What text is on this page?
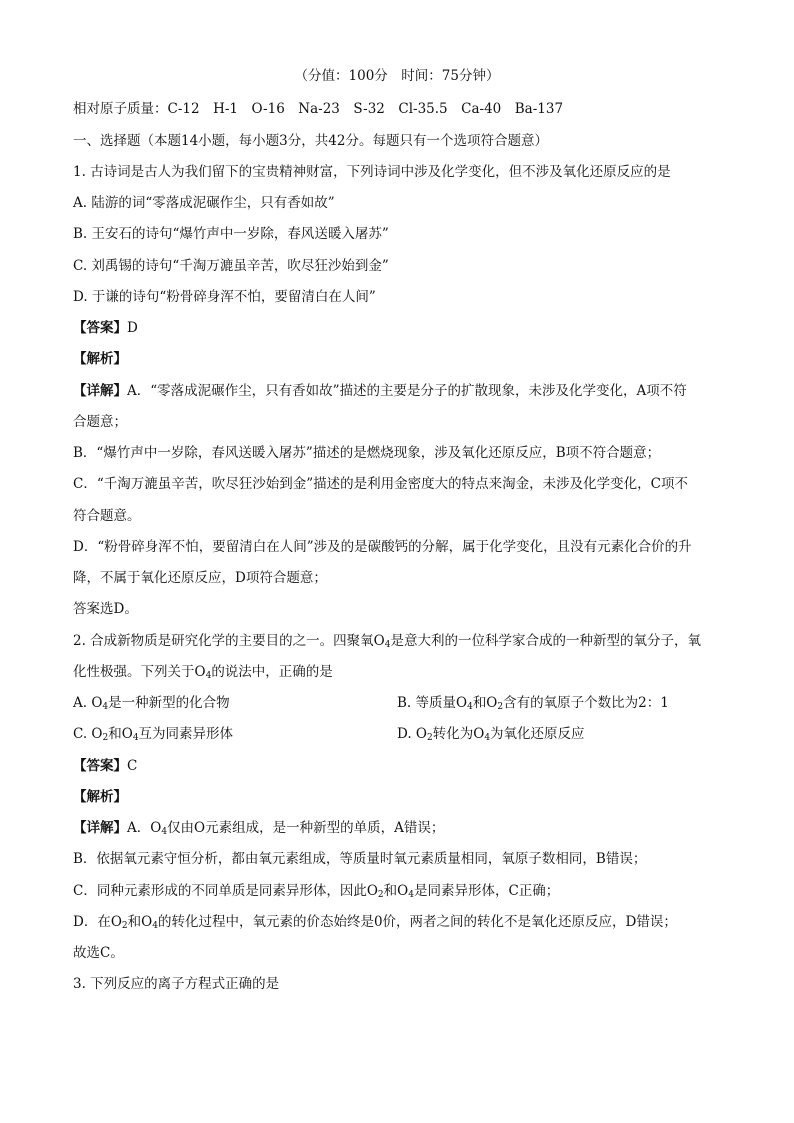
（分值：100分　时间：75分钟）
相对原子质量：C-12　H-1　O-16　Na-23　S-32　Cl-35.5　Ca-40　Ba-137
一、选择题（本题14小题，每小题3分，共42分。每题只有一个选项符合题意）
1. 古诗词是古人为我们留下的宝贵精神财富，下列诗词中涉及化学变化，但不涉及氧化还原反应的是
A. 陆游的词“零落成泥碾作尘，只有香如故”
B. 王安石的诗句“爆竹声中一岁除，春风送暖入屠苏”
C. 刘禹锡的诗句“千淘万漉虽辛苦，吹尽狂沙始到金”
D. 于谦的诗句“粉骨碎身浑不怕，要留清白在人间”
【答案】D
【解析】
【详解】A．“零落成泥碾作尘，只有香如故”描述的主要是分子的扩散现象，未涉及化学变化，A项不符
合题意；
B．“爆竹声中一岁除，春风送暖入屠苏”描述的是燃烧现象，涉及氧化还原反应，B项不符合题意；
C．“千淘万漉虽辛苦，吹尽狂沙始到金”描述的是利用金密度大的特点来淘金，未涉及化学变化，C项不
符合题意。
D．“粉骨碎身浑不怕，要留清白在人间”涉及的是碳酸钙的分解，属于化学变化，且没有元素化合价的升
降，不属于氧化还原反应，D项符合题意；
答案选D。
2. 合成新物质是研究化学的主要目的之一。四聚氧$O_4$是意大利的一位科学家合成的一种新型的氧分子，氧
化性极强。下列关于$O_4$的说法中，正确的是
A. $O_4$是一种新型的化合物	B. 等质量$O_4$和$O_2$含有的氧原子个数比为2：1
C. $O_2$和$O_4$互为同素异形体	D. $O_2$转化为$O_4$为氧化还原反应
【答案】C
【解析】
【详解】A．$O_4$仅由O元素组成，是一种新型的单质，A错误；
B．依据氧元素守恒分析，都由氧元素组成，等质量时氧元素质量相同，氧原子数相同，B错误；
C．同种元素形成的不同单质是同素异形体，因此$O_2$和$O_4$是同素异形体，C正确；
D．在$O_2$和$O_4$的转化过程中，氧元素的价态始终是0价，两者之间的转化不是氧化还原反应，D错误；
故选C。
3. 下列反应的离子方程式正确的是
